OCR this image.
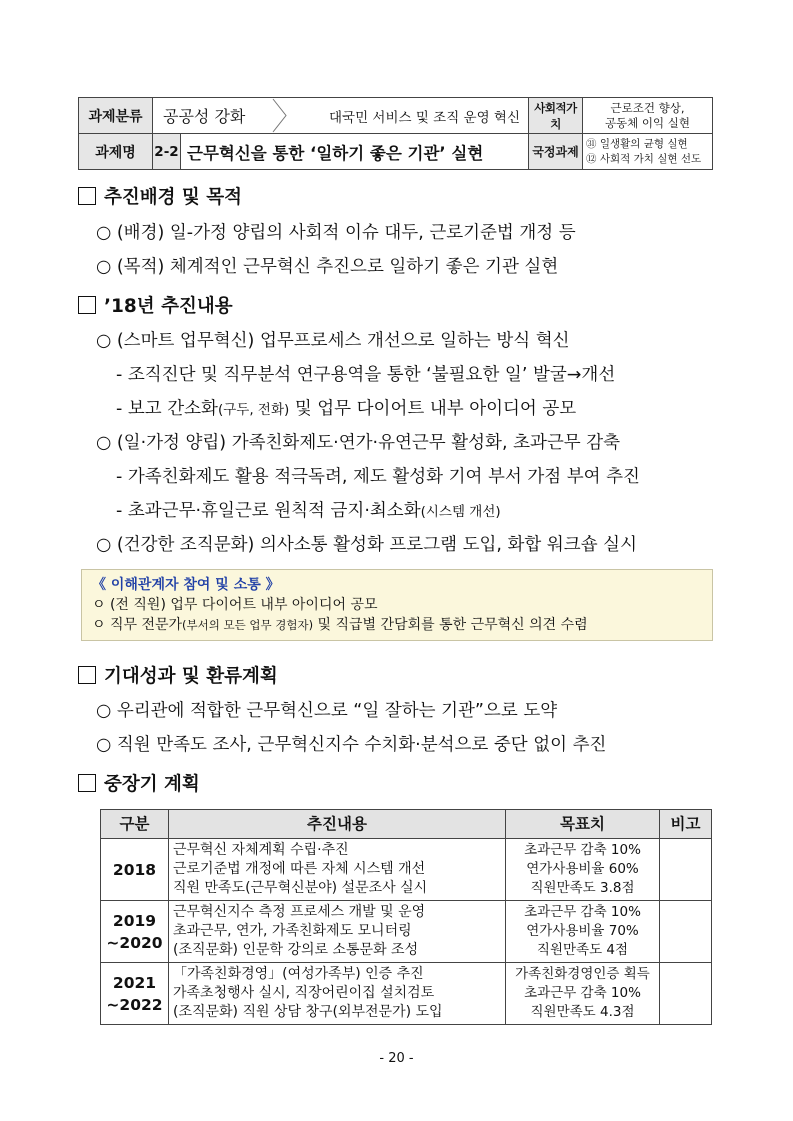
과제분류	공공성 강화		대국민 서비스 및 조직 운영 혁신	사회적가치	근로조건 향상,
공동체 이익 실현

과제명	2-2	근무혁신을 통한 ‘일하기 좋은 기관’ 실현		국정과제	㉛ 일생활의 균형 실현
⑫ 사회적 가치 실현 선도
추진배경 및 목적
○ (배경) 일-가정 양립의 사회적 이슈 대두, 근로기준법 개정 등
○ (목적) 체계적인 근무혁신 추진으로 일하기 좋은 기관 실현
’18년 추진내용
○ (스마트 업무혁신) 업무프로세스 개선으로 일하는 방식 혁신
- 조직진단 및 직무분석 연구용역을 통한 ‘불필요한 일’ 발굴→개선
- 보고 간소화(구두, 전화) 및 업무 다이어트 내부 아이디어 공모
○ (일·가정 양립) 가족친화제도·연가·유연근무 활성화, 초과근무 감축
- 가족친화제도 활용 적극독려, 제도 활성화 기여 부서 가점 부여 추진
- 초과근무·휴일근로 원칙적 금지·최소화(시스템 개선)
○ (건강한 조직문화) 의사소통 활성화 프로그램 도입, 화합 워크숍 실시
《 이해관계자 참여 및 소통 》
ㅇ (전 직원) 업무 다이어트 내부 아이디어 공모
ㅇ 직무 전문가(부서의 모든 업무 경험자) 및 직급별 간담회를 통한 근무혁신 의견 수렴
기대성과 및 환류계획
○ 우리관에 적합한 근무혁신으로 “일 잘하는 기관”으로 도약
○ 직원 만족도 조사, 근무혁신지수 수치화·분석으로 중단 없이 추진
중장기 계획
구분	추진내용	목표치	비고

2018	근무혁신 자체계획 수립·추진
근로기준법 개정에 따른 자체 시스템 개선
직원 만족도(근무혁신분야) 설문조사 실시	초과근무 감축 10%
연가사용비율 60%
직원만족도 3.8점	

2019
~2020	근무혁신지수 측정 프로세스 개발 및 운영
초과근무, 연가, 가족친화제도 모니터링
(조직문화) 인문학 강의로 소통문화 조성	초과근무 감축 10%
연가사용비율 70%
직원만족도 4점	

2021
~2022	「가족친화경영」(여성가족부) 인증 추진
가족초청행사 실시, 직장어린이집 설치검토
(조직문화) 직원 상담 창구(외부전문가) 도입	가족친화경영인증 획득
초과근무 감축 10%
직원만족도 4.3점	

- 20 -
